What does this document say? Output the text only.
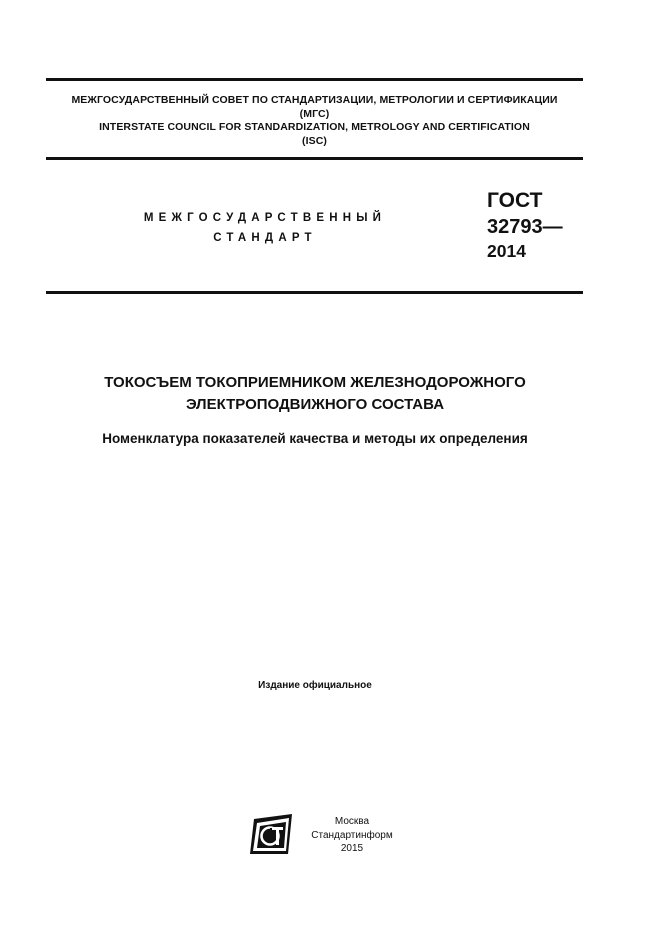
МЕЖГОСУДАРСТВЕННЫЙ СОВЕТ ПО СТАНДАРТИЗАЦИИ, МЕТРОЛОГИИ И СЕРТИФИКАЦИИ
(МГС)
INTERSTATE COUNCIL FOR STANDARDIZATION, METROLOGY AND CERTIFICATION
(ISC)
МЕЖГОСУДАРСТВЕННЫЙ
СТАНДАРТ
ГОСТ
32793—
2014
ТОКОСЪЕМ ТОКОПРИЕМНИКОМ ЖЕЛЕЗНОДОРОЖНОГО
ЭЛЕКТРОПОДВИЖНОГО СОСТАВА
Номенклатура показателей качества и методы их определения
Издание официальное
Москва
Стандартинформ
2015
